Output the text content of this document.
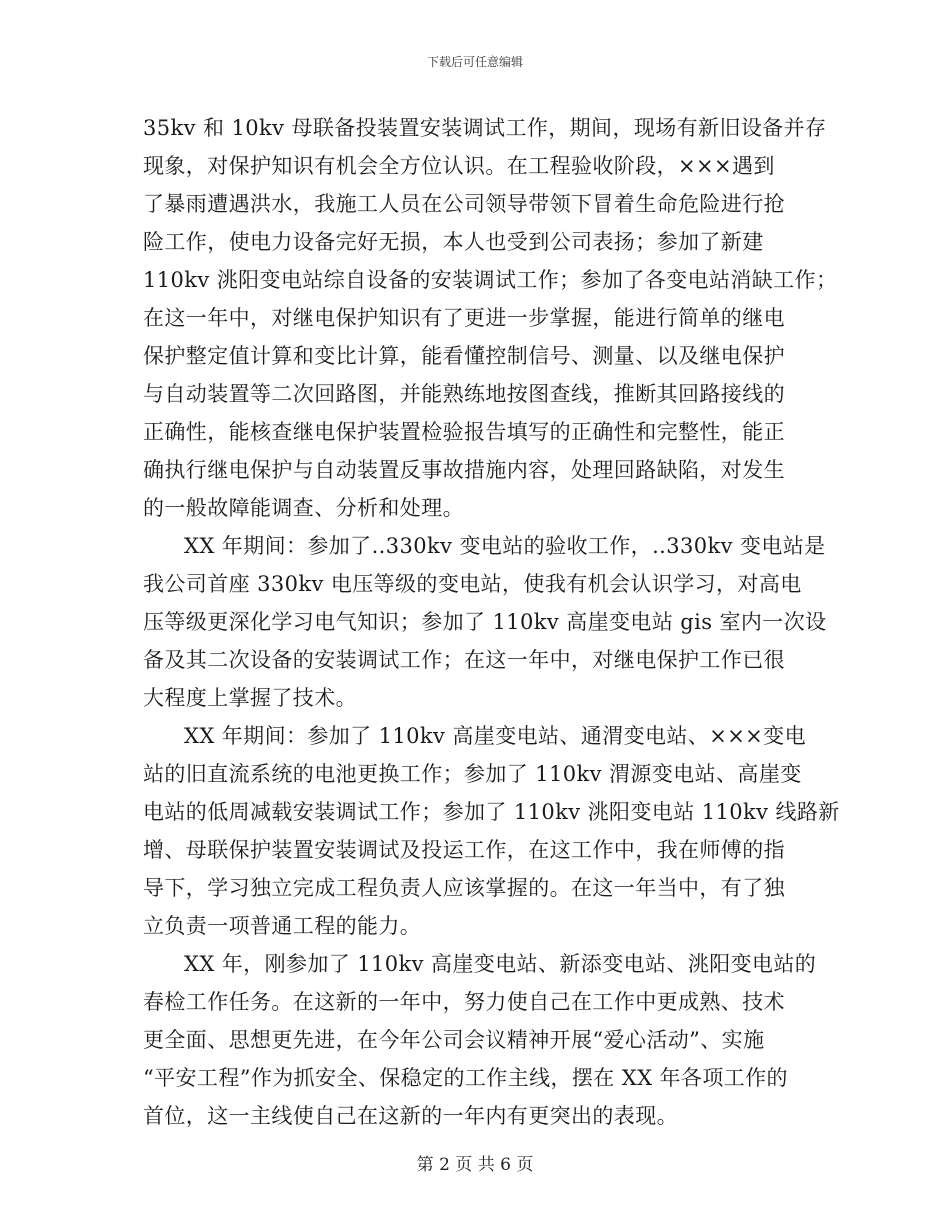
下载后可任意编辑
35kv 和 10kv 母联备投装置安装调试工作，期间，现场有新旧设备并存
现象，对保护知识有机会全方位认识。在工程验收阶段，×××遇到
了暴雨遭遇洪水，我施工人员在公司领导带领下冒着生命危险进行抢
险工作，使电力设备完好无损，本人也受到公司表扬；参加了新建
110kv 洮阳变电站综自设备的安装调试工作；参加了各变电站消缺工作；
在这一年中，对继电保护知识有了更进一步掌握，能进行简单的继电
保护整定值计算和变比计算，能看懂控制信号、测量、以及继电保护
与自动装置等二次回路图，并能熟练地按图查线，推断其回路接线的
正确性，能核查继电保护装置检验报告填写的正确性和完整性，能正
确执行继电保护与自动装置反事故措施内容，处理回路缺陷，对发生
的一般故障能调查、分析和处理。
XX 年期间：参加了..330kv 变电站的验收工作，..330kv 变电站是
我公司首座 330kv 电压等级的变电站，使我有机会认识学习，对高电
压等级更深化学习电气知识；参加了 110kv 高崖变电站 gis 室内一次设
备及其二次设备的安装调试工作；在这一年中，对继电保护工作已很
大程度上掌握了技术。
XX 年期间：参加了 110kv 高崖变电站、通渭变电站、×××变电
站的旧直流系统的电池更换工作；参加了 110kv 渭源变电站、高崖变
电站的低周减载安装调试工作；参加了 110kv 洮阳变电站 110kv 线路新
增、母联保护装置安装调试及投运工作，在这工作中，我在师傅的指
导下，学习独立完成工程负责人应该掌握的。在这一年当中，有了独
立负责一项普通工程的能力。
XX 年，刚参加了 110kv 高崖变电站、新添变电站、洮阳变电站的
春检工作任务。在这新的一年中，努力使自己在工作中更成熟、技术
更全面、思想更先进，在今年公司会议精神开展“爱心活动”、实施
“平安工程”作为抓安全、保稳定的工作主线，摆在 XX 年各项工作的
首位，这一主线使自己在这新的一年内有更突出的表现。
第 2 页 共 6 页
